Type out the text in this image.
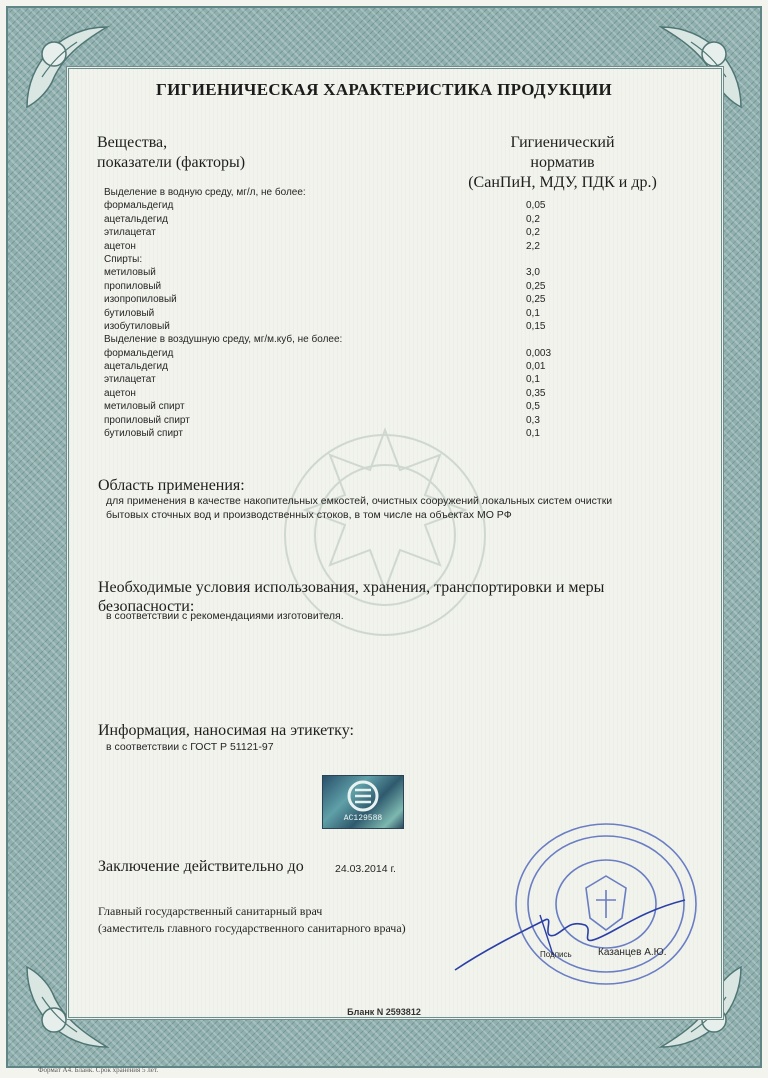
ГИГИЕНИЧЕСКАЯ ХАРАКТЕРИСТИКА ПРОДУКЦИИ
Вещества,
показатели (факторы)
Гигиенический
норматив
(СанПиН, МДУ, ПДК и др.)
Выделение в водную среду, мг/л, не более:
формальдегид	0,05
ацетальдегид	0,2
этилацетат	0,2
ацетон	2,2
Спирты:
метиловый	3,0
пропиловый	0,25
изопропиловый	0,25
бутиловый	0,1
изобутиловый	0,15
Выделение в воздушную среду, мг/м.куб, не более:
формальдегид	0,003
ацетальдегид	0,01
этилацетат	0,1
ацетон	0,35
метиловый спирт	0,5
пропиловый спирт	0,3
бутиловый спирт	0,1
Область применения:
для применения в качестве накопительных емкостей, очистных сооружений локальных систем очистки
бытовых сточных вод и производственных стоков, в том числе на объектах МО РФ
Необходимые условия использования, хранения, транспортировки и меры
безопасности:
в соответствии с рекомендациями изготовителя.
Информация, наносимая на этикетку:
в соответствии с ГОСТ Р 51121-97
АС129588
Заключение действительно до	24.03.2014 г.
Главный государственный санитарный врач
(заместитель главного государственного санитарного врача)
Казанцев А.Ю.
Подпись
Бланк N 2593812
Формат А4. Бланк. Срок хранения 5 лет.
